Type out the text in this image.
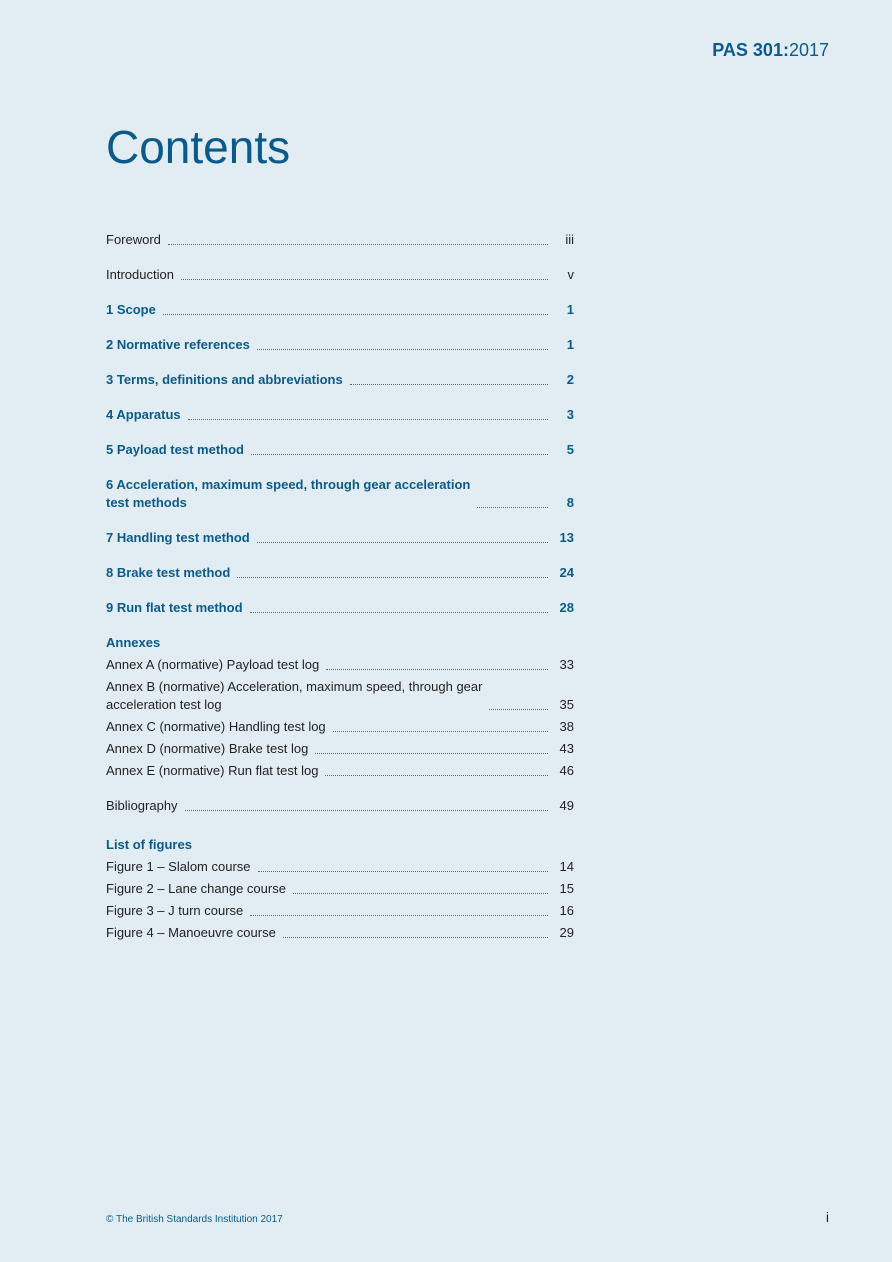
PAS 301:2017
Contents
Foreword	iii
Introduction	v
1 Scope	1
2 Normative references	1
3 Terms, definitions and abbreviations	2
4 Apparatus	3
5 Payload test method	5
6 Acceleration, maximum speed, through gear acceleration
test methods	8
7 Handling test method	13
8 Brake test method	24
9 Run flat test method	28
Annexes
Annex A (normative) Payload test log	33
Annex B (normative) Acceleration, maximum speed, through gear
acceleration test log	35
Annex C (normative) Handling test log	38
Annex D (normative) Brake test log	43
Annex E (normative) Run flat test log	46
Bibliography	49
List of figures
Figure 1 – Slalom course	14
Figure 2 – Lane change course	15
Figure 3 – J turn course	16
Figure 4 – Manoeuvre course	29
© The British Standards Institution 2017	i
